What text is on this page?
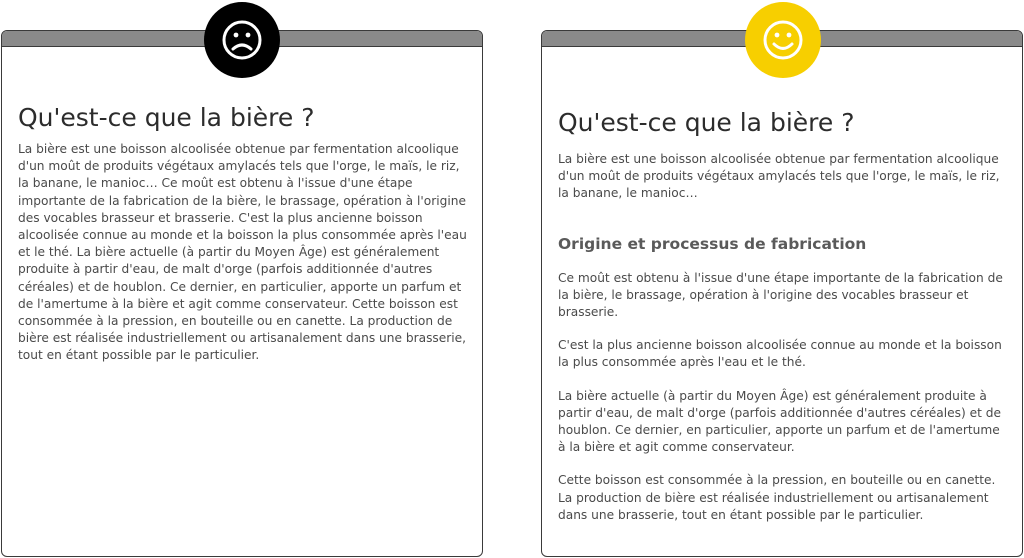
Qu'est-ce que la bière ?

La bière est une boisson alcoolisée obtenue par fermentation alcoolique d'un moût de produits végétaux amylacés tels que l'orge, le maïs, le riz, la banane, le manioc… Ce moût est obtenu à l'issue d'une étape importante de la fabrication de la bière, le brassage, opération à l'origine des vocables brasseur et brasserie. C'est la plus ancienne boisson alcoolisée connue au monde et la boisson la plus consommée après l'eau et le thé. La bière actuelle (à partir du Moyen Âge) est généralement produite à partir d'eau, de malt d'orge (parfois additionnée d'autres céréales) et de houblon. Ce dernier, en particulier, apporte un parfum et de l'amertume à la bière et agit comme conservateur. Cette boisson est consommée à la pression, en bouteille ou en canette. La production de bière est réalisée industriellement ou artisanalement dans une brasserie, tout en étant possible par le particulier.

Qu'est-ce que la bière ?

La bière est une boisson alcoolisée obtenue par fermentation alcoolique d'un moût de produits végétaux amylacés tels que l'orge, le maïs, le riz, la banane, le manioc…

Origine et processus de fabrication

Ce moût est obtenu à l'issue d'une étape importante de la fabrication de la bière, le brassage, opération à l'origine des vocables brasseur et brasserie.

C'est la plus ancienne boisson alcoolisée connue au monde et la boisson la plus consommée après l'eau et le thé.

La bière actuelle (à partir du Moyen Âge) est généralement produite à partir d'eau, de malt d'orge (parfois additionnée d'autres céréales) et de houblon. Ce dernier, en particulier, apporte un parfum et de l'amertume à la bière et agit comme conservateur.

Cette boisson est consommée à la pression, en bouteille ou en canette. La production de bière est réalisée industriellement ou artisanalement dans une brasserie, tout en étant possible par le particulier.
